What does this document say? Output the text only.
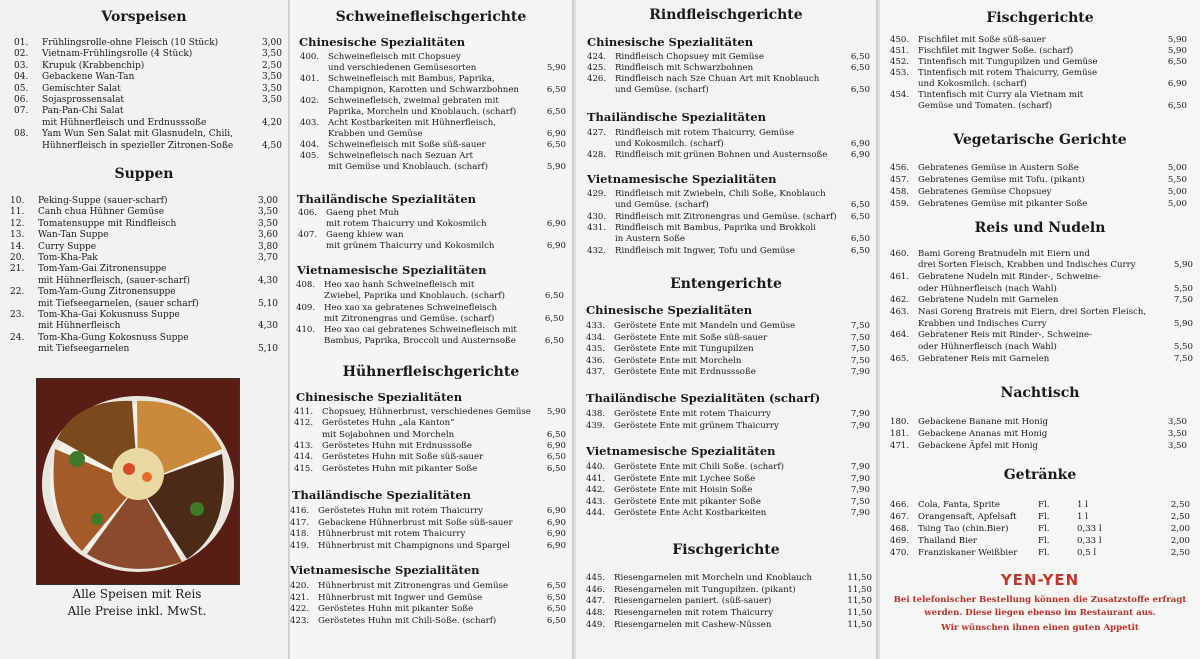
Vorspeisen
Suppen
Alle Speisen mit Reis
Alle Preise inkl. MwSt.
01. Frühlingsrolle-ohne Fleisch (10 Stück)	3,00
02. Vietnam-Frühlingsrolle (4 Stück)	3,50
03. Krupuk (Krabbenchip)	2,50
04. Gebackene Wan-Tan	3,50
05. Gemischter Salat	3,50
06. Sojasprossensalat	3,50
07. Pan-Pan-Chi Salat
mit Hühnerfleisch und Erdnusssoße	4,20
08. Yam Wun Sen Salat mit Glasnudeln, Chili,
Hühnerfleisch in spezieller Zitronen-Soße	4,50
10. Peking-Suppe (sauer-scharf)	3,00
11. Canh chua Hühner Gemüse	3,50
12. Tomatensuppe mit Rindfleisch	3,50
13. Wan-Tan Suppe	3,60
14. Curry Suppe	3,80
20. Tom-Kha-Pak	3,70
21. Tom-Yam-Gai Zitronensuppe
mit Hühnerfleisch, (sauer-scharf)	4,30
22. Tom-Yam-Gung Zitronensuppe
mit Tiefseegarnelen, (sauer scharf)	5,10
23. Tom-Kha-Gai Kokusnuss Suppe
mit Hühnerfleisch	4,30
24. Tom-Kha-Gung Kokosnuss Suppe
mit Tiefseegarnelen	5,10
Schweinefleischgerichte
Chinesische Spezialitäten
Thailändische Spezialitäten
Vietnamesische Spezialitäten
Hühnerfleischgerichte
Chinesische Spezialitäten
Thailändische Spezialitäten
Vietnamesische Spezialitäten
400. Schweinefleisch mit Chopsuey
und verschiedenen Gemüsesorten	5,90
401. Schweinefleisch mit Bambus, Paprika,
Champignon, Karotten und Schwarzbohnen	6,50
402. Schweinefleisch, zweimal gebraten mit
Paprika, Morcheln und Knoblauch. (scharf)	6,50
403. Acht Kostbarkeiten mit Hühnerfleisch,
Krabben und Gemüse	6,90
404. Schweinefleisch mit Soße süß-sauer	6,50
405. Schweinefleisch nach Sezuan Art
mit Gemüse und Knoblauch. (scharf)	5,90
406. Gaeng phet Muh
mit rotem Thaicurry und Kokosmilch	6,90
407. Gaeng khiew wan
mit grünem Thaicurry und Kokosmilch	6,90
408. Heo xao hanh Schweinefleisch mit
Zwiebel, Paprika und Knoblauch. (scharf)	6,50
409. Heo xao xa gebratenes Schweinefleisch
mit Zitronengras und Gemüse. (scharf)	6,50
410. Heo xao cai gebratenes Schweinefleisch mit
Bambus, Paprika, Broccoli und Austernsoße	6,50
411. Chopsuey, Hühnerbrust, verschiedenes Gemüse 5,90
412. Geröstetes Huhn „ala Kanton“
mit Sojabohnen und Morcheln	6,50
413. Geröstetes Huhn mit Erdnusssoße	6,90
414. Geröstetes Huhn mit Soße süß-sauer	6,50
415. Geröstetes Huhn mit pikanter Soße	6,50
416. Geröstetes Huhn mit rotem Thaicurry	6,90
417. Gebackene Hühnerbrust mit Soße süß-sauer	6,90
418. Hühnerbrust mit rotem Thaicurry	6,90
419. Hühnerbrust mit Champignons und Spargel	6,90
420. Hühnerbrust mit Zitronengras und Gemüse	6,50
421. Hühnerbrust mit Ingwer und Gemüse	6,50
422. Geröstetes Huhn mit pikanter Soße	6,50
423. Geröstetes Huhn mit Chili-Soße. (scharf)	6,50
Rindfleischgerichte
Chinesische Spezialitäten
Thailändische Spezialitäten
Vietnamesische Spezialitäten
Entengerichte
Chinesische Spezialitäten
Thailändische Spezialitäten (scharf)
Vietnamesische Spezialitäten
Fischgerichte
424. Rindfleisch Chopsuey mit Gemüse	6,50
425. Rindfleisch mit Schwarzbohnen	6,50
426. Rindfleisch nach Sze Chuan Art mit Knoblauch
und Gemüse. (scharf)	6,50
427. Rindfleisch mit rotem Thaicurry, Gemüse
und Kokosmilch. (scharf)	6,90
428. Rindfleisch mit grünen Bohnen und Austernsoße	6,90
429. Rindfleisch mit Zwiebeln, Chili Soße, Knoblauch
und Gemüse. (scharf)	6,50
430. Rindfleisch mit Zitronengras und Gemüse. (scharf) 6,50
431. Rindfleisch mit Bambus, Paprika und Brokkoli
in Austern Soße	6,50
432. Rindfleisch mit Ingwer, Tofu und Gemüse	6,50
433. Geröstete Ente mit Mandeln und Gemüse	7,50
434. Geröstete Ente mit Soße süß-sauer	7,50
435. Geröstete Ente mit Tungupilzen	7,50
436. Geröstete Ente mit Morcheln	7,50
437. Geröstete Ente mit Erdnusssoße	7,90
438. Geröstete Ente mit rotem Thaicurry	7,90
439. Geröstete Ente mit grünem Thaicurry	7,90
440. Geröstete Ente mit Chili Soße. (scharf)	7,90
441. Geröstete Ente mit Lychee Soße	7,90
442. Geröstete Ente mit Hoisin Soße	7,90
443. Geröstete Ente mit pikanter Soße	7,50
444. Geröstete Ente Acht Kostbarkeiten	7,90
445. Riesengarnelen mit Morcheln und Knoblauch	11,50
446. Riesengarnelen mit Tungupilzen. (pikant)	11,50
447. Riesengarnelen paniert. (süß-sauer)	11,50
448. Riesengarnelen mit rotem Thaicurry	11,50
449. Riesengarnelen mit Cashew-Nüssen	11,50
Fischgerichte
Vegetarische Gerichte
Reis und Nudeln
Nachtisch
Getränke
YEN-YEN
Bei telefonischer Bestellung können die Zusatzstoffe erfragt
werden. Diese liegen ebenso im Restaurant aus.
Wir wünschen ihnen einen guten Appetit
450. Fischfilet mit Soße süß-sauer	5,90
451. Fischfilet mit Ingwer Soße. (scharf)	5,90
452. Tintenfisch mit Tungupilzen und Gemüse	6,50
453. Tintenfisch mit rotem Thaicurry, Gemüse
und Kokosmilch. (scharf)	6,90
454. Tintenfisch mit Curry ala Vietnam mit
Gemüse und Tomaten. (scharf)	6,50
456. Gebratenes Gemüse in Austern Soße	5,00
457. Gebratenes Gemüse mit Tofu. (pikant)	5,50
458. Gebratenes Gemüse Chopsuey	5,00
459. Gebratenes Gemüse mit pikanter Soße	5,00
460. Bami Goreng Bratnudeln mit Eiern und
drei Sorten Fleisch, Krabben und Indisches Curry	5,90
461. Gebratene Nudeln mit Rinder-, Schweine-
oder Hühnerfleisch (nach Wahl)	5,50
462. Gebratene Nudeln mit Garnelen	7,50
463. Nasi Goreng Bratreis mit Eiern, drei Sorten Fleisch,
Krabben und Indisches Curry	5,90
464. Gebratener Reis mit Rinder-, Schweine-
oder Hühnerfleisch (nach Wahl)	5,50
465. Gebratener Reis mit Garnelen	7,50
180. Gebackene Banane mit Honig	3,50
181. Gebackene Ananas mit Honig	3,50
471. Gebackene Äpfel mit Honig	3,50
466. Cola, Fanta, Sprite	Fl.	1 l	2,50
467. Orangensaft, Apfelsaft	Fl.	1 l	2,50
468. Tsing Tao (chin.Bier)	Fl.	0,33 l	2,00
469. Thailand Bier	Fl.	0,33 l	2,00
470. Franziskaner Weißbier Fl.	0,5 l	2,50
